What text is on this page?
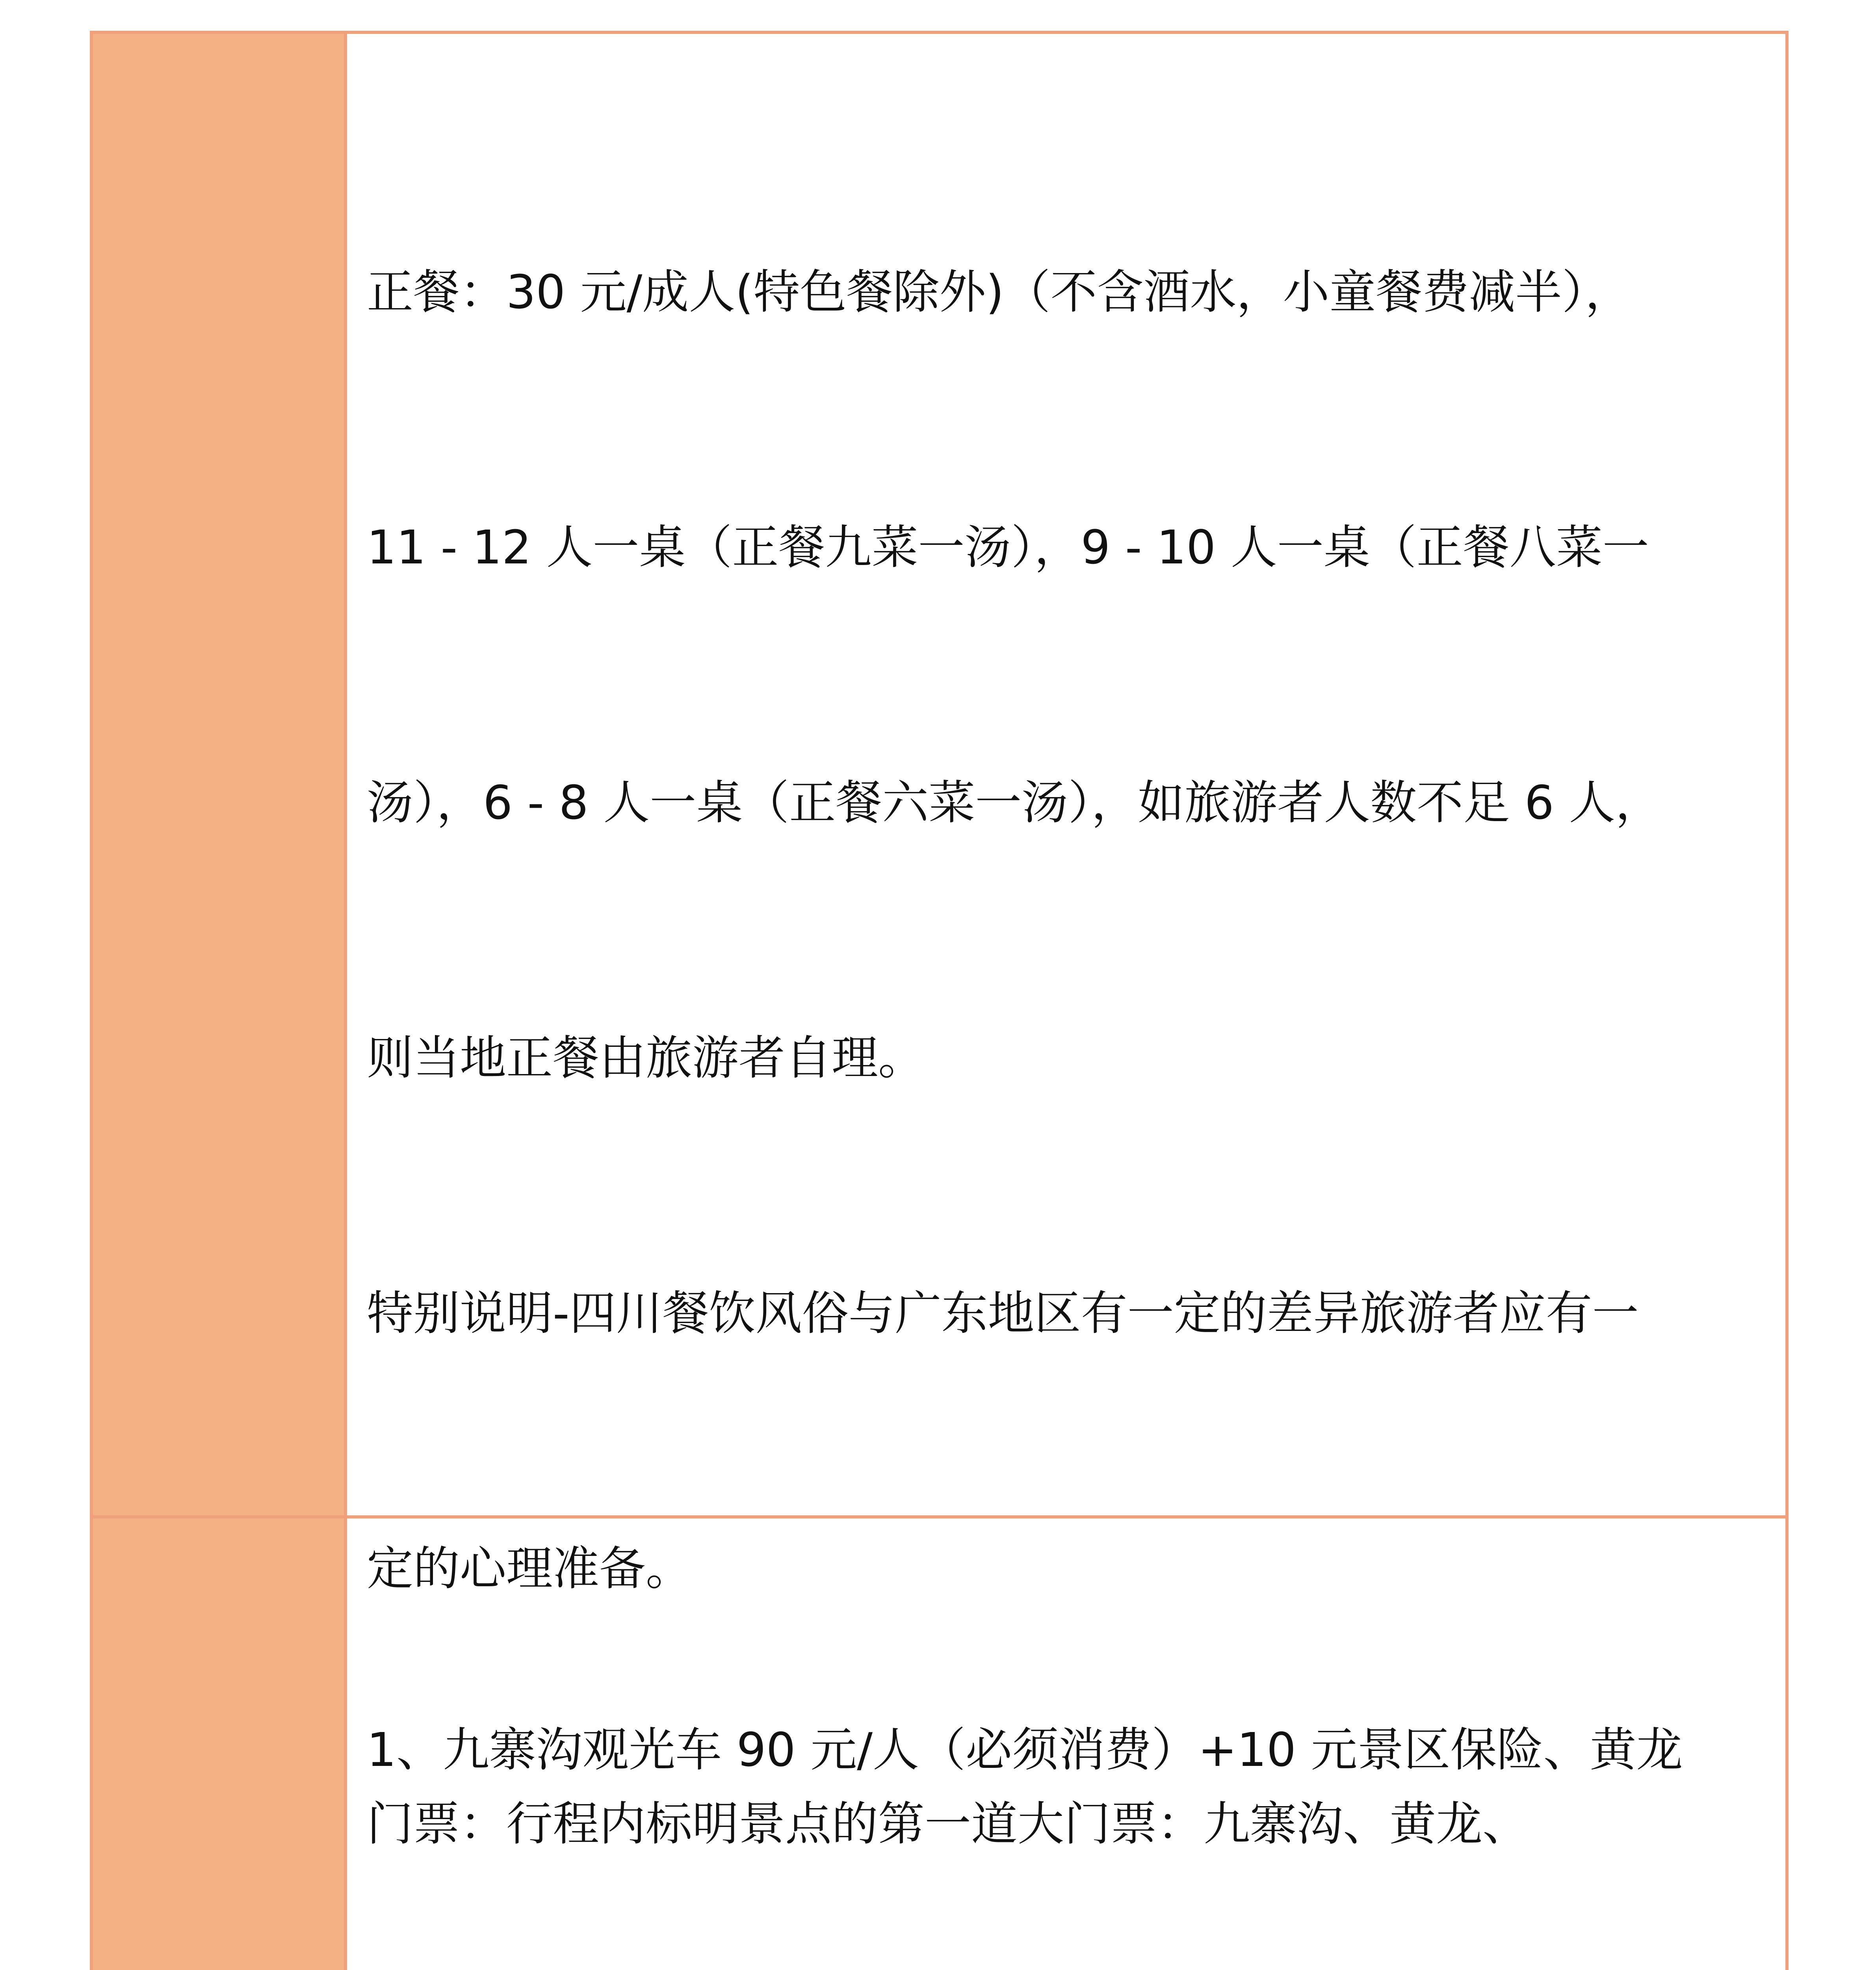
正餐：30 元/成人(特色餐除外)（不含酒水，小童餐费减半），

11 - 12 人一桌（正餐九菜一汤），9 - 10 人一桌（正餐八菜一

汤），6 - 8 人一桌（正餐六菜一汤），如旅游者人数不足 6 人，

则当地正餐由旅游者自理。

特别说明-四川餐饮风俗与广东地区有一定的差异旅游者应有一

定的心理准备。

门票：行程内标明景点的第一道大门票：九寨沟、黄龙、

1、九寨沟观光车 90 元/人（必须消费）+10 元景区保险、黄龙
